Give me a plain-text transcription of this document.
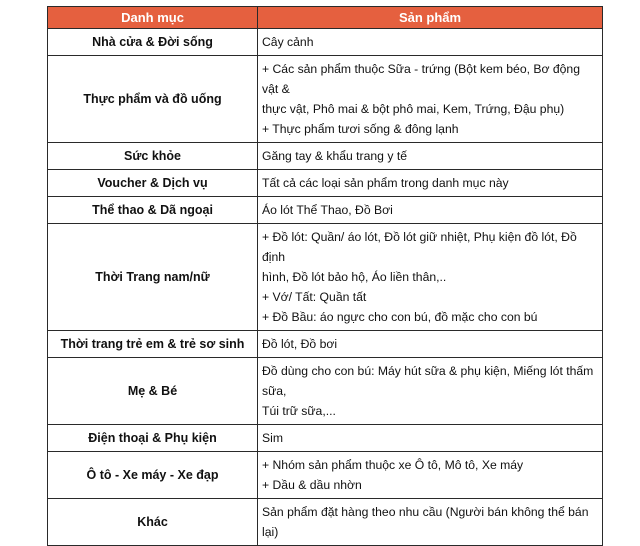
Danh mục	Sản phẩm
Nhà cửa & Đời sống	Cây cảnh

Thực phẩm và đồ uống	+ Các sản phẩm thuộc Sữa - trứng (Bột kem béo, Bơ động vật &
thực vật, Phô mai & bột phô mai, Kem, Trứng, Đậu phụ)
+ Thực phẩm tươi sống & đông lạnh

Sức khỏe	Găng tay & khẩu trang y tế

Voucher & Dịch vụ	Tất cả các loại sản phẩm trong danh mục này

Thể thao & Dã ngoại	Áo lót Thể Thao, Đồ Bơi

Thời Trang nam/nữ	+ Đồ lót: Quần/ áo lót, Đồ lót giữ nhiệt, Phụ kiện đồ lót, Đồ định
hình, Đồ lót bảo hộ, Áo liền thân,..
+ Vớ/ Tất: Quần tất
+ Đồ Bầu: áo ngực cho con bú, đồ mặc cho con bú

Thời trang trẻ em & trẻ sơ sinh	Đồ lót, Đồ bơi

Mẹ & Bé	Đồ dùng cho con bú: Máy hút sữa & phụ kiện, Miếng lót thấm sữa,
Túi trữ sữa,...

Điện thoại & Phụ kiện	Sim

Ô tô - Xe máy - Xe đạp	+ Nhóm sản phẩm thuộc xe Ô tô, Mô tô, Xe máy
+ Dầu & dầu nhờn

Khác	Sản phẩm đặt hàng theo nhu cầu (Người bán không thể bán lại)
